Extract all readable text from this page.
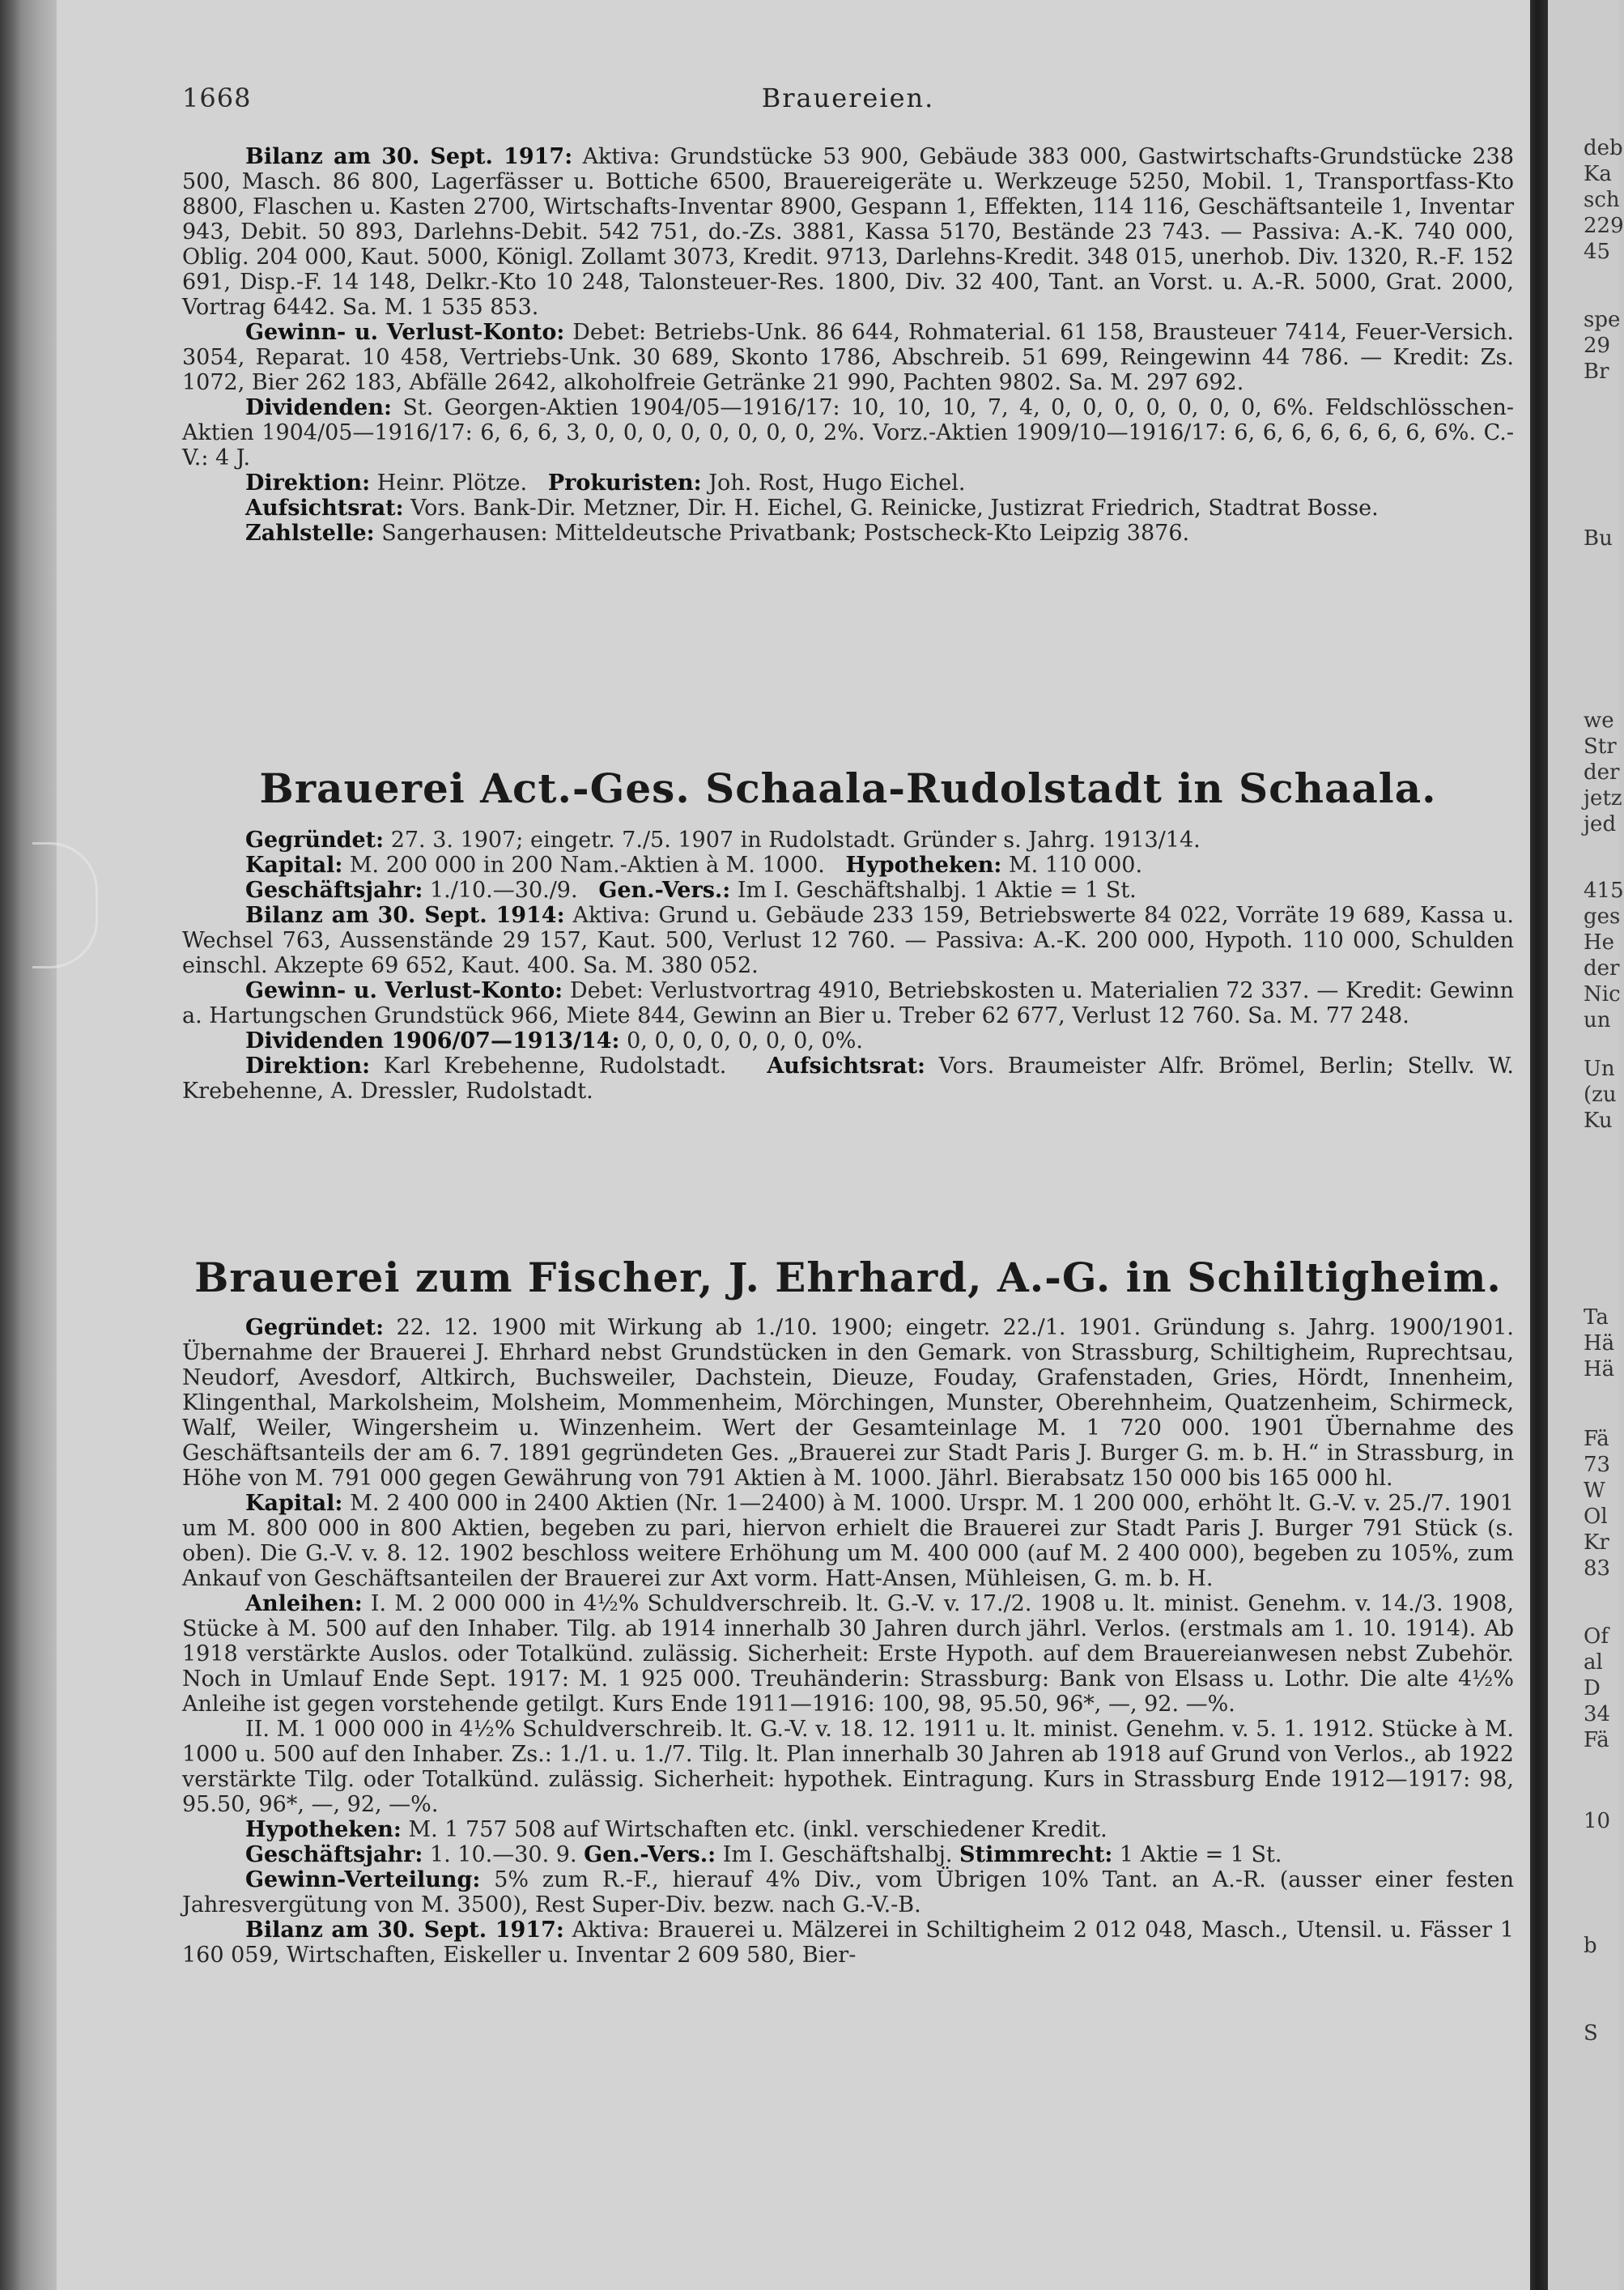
deb
Ka
sch
229
45
spe
29
Br
Bu
we
Str
der
jetz
jed
415
ges
He
der
Nic
un
Un
(zu
Ku
Ta
Hä
Hä
Fä
73
W
Ol
Kr
83
Of
al
D
34
Fä
10
b
S
1668	Brauereien.

Bilanz am 30. Sept. 1917: Aktiva: Grundstücke 53 900, Gebäude 383 000, Gastwirtschafts-Grundstücke 238 500, Masch. 86 800, Lagerfässer u. Bottiche 6500, Brauereigeräte u. Werkzeuge 5250, Mobil. 1, Transportfass-Kto 8800, Flaschen u. Kasten 2700, Wirtschafts-Inventar 8900, Gespann 1, Effekten, 114 116, Geschäftsanteile 1, Inventar 943, Debit. 50 893, Darlehns-Debit. 542 751, do.-Zs. 3881, Kassa 5170, Bestände 23 743. — Passiva: A.-K. 740 000, Oblig. 204 000, Kaut. 5000, Königl. Zollamt 3073, Kredit. 9713, Darlehns-Kredit. 348 015, unerhob. Div. 1320, R.-F. 152 691, Disp.-F. 14 148, Delkr.-Kto 10 248, Talonsteuer-Res. 1800, Div. 32 400, Tant. an Vorst. u. A.-R. 5000, Grat. 2000, Vortrag 6442. Sa. M. 1 535 853.

Gewinn- u. Verlust-Konto: Debet: Betriebs-Unk. 86 644, Rohmaterial. 61 158, Brausteuer 7414, Feuer-Versich. 3054, Reparat. 10 458, Vertriebs-Unk. 30 689, Skonto 1786, Abschreib. 51 699, Reingewinn 44 786. — Kredit: Zs. 1072, Bier 262 183, Abfälle 2642, alkoholfreie Getränke 21 990, Pachten 9802. Sa. M. 297 692.

Dividenden: St. Georgen-Aktien 1904/05—1916/17: 10, 10, 10, 7, 4, 0, 0, 0, 0, 0, 0, 0, 6%. Feldschlösschen-Aktien 1904/05—1916/17: 6, 6, 6, 3, 0, 0, 0, 0, 0, 0, 0, 0, 2%. Vorz.-Aktien 1909/10—1916/17: 6, 6, 6, 6, 6, 6, 6, 6%. C.-V.: 4 J.

Direktion: Heinr. Plötze. Prokuristen: Joh. Rost, Hugo Eichel.

Aufsichtsrat: Vors. Bank-Dir. Metzner, Dir. H. Eichel, G. Reinicke, Justizrat Friedrich, Stadtrat Bosse.

Zahlstelle: Sangerhausen: Mitteldeutsche Privatbank; Postscheck-Kto Leipzig 3876.

Brauerei Act.-Ges. Schaala-Rudolstadt in Schaala.

Gegründet: 27. 3. 1907; eingetr. 7./5. 1907 in Rudolstadt. Gründer s. Jahrg. 1913/14.

Kapital: M. 200 000 in 200 Nam.-Aktien à M. 1000. Hypotheken: M. 110 000.

Geschäftsjahr: 1./10.—30./9. Gen.-Vers.: Im I. Geschäftshalbj. 1 Aktie = 1 St.

Bilanz am 30. Sept. 1914: Aktiva: Grund u. Gebäude 233 159, Betriebswerte 84 022, Vorräte 19 689, Kassa u. Wechsel 763, Aussenstände 29 157, Kaut. 500, Verlust 12 760. — Passiva: A.-K. 200 000, Hypoth. 110 000, Schulden einschl. Akzepte 69 652, Kaut. 400. Sa. M. 380 052.

Gewinn- u. Verlust-Konto: Debet: Verlustvortrag 4910, Betriebskosten u. Materialien 72 337. — Kredit: Gewinn a. Hartungschen Grundstück 966, Miete 844, Gewinn an Bier u. Treber 62 677, Verlust 12 760. Sa. M. 77 248.

Dividenden 1906/07—1913/14: 0, 0, 0, 0, 0, 0, 0, 0%.

Direktion: Karl Krebehenne, Rudolstadt. Aufsichtsrat: Vors. Braumeister Alfr. Brömel, Berlin; Stellv. W. Krebehenne, A. Dressler, Rudolstadt.

Brauerei zum Fischer, J. Ehrhard, A.-G. in Schiltigheim.

Gegründet: 22. 12. 1900 mit Wirkung ab 1./10. 1900; eingetr. 22./1. 1901. Gründung s. Jahrg. 1900/1901. Übernahme der Brauerei J. Ehrhard nebst Grundstücken in den Gemark. von Strassburg, Schiltigheim, Ruprechtsau, Neudorf, Avesdorf, Altkirch, Buchsweiler, Dachstein, Dieuze, Fouday, Grafenstaden, Gries, Hördt, Innenheim, Klingenthal, Markolsheim, Molsheim, Mommenheim, Mörchingen, Munster, Oberehnheim, Quatzenheim, Schirmeck, Walf, Weiler, Wingersheim u. Winzenheim. Wert der Gesamteinlage M. 1 720 000. 1901 Übernahme des Geschäftsanteils der am 6. 7. 1891 gegründeten Ges. „Brauerei zur Stadt Paris J. Burger G. m. b. H.“ in Strassburg, in Höhe von M. 791 000 gegen Gewährung von 791 Aktien à M. 1000. Jährl. Bierabsatz 150 000 bis 165 000 hl.

Kapital: M. 2 400 000 in 2400 Aktien (Nr. 1—2400) à M. 1000. Urspr. M. 1 200 000, erhöht lt. G.-V. v. 25./7. 1901 um M. 800 000 in 800 Aktien, begeben zu pari, hiervon erhielt die Brauerei zur Stadt Paris J. Burger 791 Stück (s. oben). Die G.-V. v. 8. 12. 1902 beschloss weitere Erhöhung um M. 400 000 (auf M. 2 400 000), begeben zu 105%, zum Ankauf von Geschäftsanteilen der Brauerei zur Axt vorm. Hatt-Ansen, Mühleisen, G. m. b. H.

Anleihen: I. M. 2 000 000 in 4½% Schuldverschreib. lt. G.-V. v. 17./2. 1908 u. lt. minist. Genehm. v. 14./3. 1908, Stücke à M. 500 auf den Inhaber. Tilg. ab 1914 innerhalb 30 Jahren durch jährl. Verlos. (erstmals am 1. 10. 1914). Ab 1918 verstärkte Auslos. oder Totalkünd. zulässig. Sicherheit: Erste Hypoth. auf dem Brauereianwesen nebst Zubehör. Noch in Umlauf Ende Sept. 1917: M. 1 925 000. Treuhänderin: Strassburg: Bank von Elsass u. Lothr. Die alte 4½% Anleihe ist gegen vorstehende getilgt. Kurs Ende 1911—1916: 100, 98, 95.50, 96*, —, 92. —%.

II. M. 1 000 000 in 4½% Schuldverschreib. lt. G.-V. v. 18. 12. 1911 u. lt. minist. Genehm. v. 5. 1. 1912. Stücke à M. 1000 u. 500 auf den Inhaber. Zs.: 1./1. u. 1./7. Tilg. lt. Plan innerhalb 30 Jahren ab 1918 auf Grund von Verlos., ab 1922 verstärkte Tilg. oder Totalkünd. zulässig. Sicherheit: hypothek. Eintragung. Kurs in Strassburg Ende 1912—1917: 98, 95.50, 96*, —, 92, —%.

Hypotheken: M. 1 757 508 auf Wirtschaften etc. (inkl. verschiedener Kredit.

Geschäftsjahr: 1. 10.—30. 9. Gen.-Vers.: Im I. Geschäftshalbj. Stimmrecht: 1 Aktie = 1 St.

Gewinn-Verteilung: 5% zum R.-F., hierauf 4% Div., vom Übrigen 10% Tant. an A.-R. (ausser einer festen Jahresvergütung von M. 3500), Rest Super-Div. bezw. nach G.-V.-B.

Bilanz am 30. Sept. 1917: Aktiva: Brauerei u. Mälzerei in Schiltigheim 2 012 048, Masch., Utensil. u. Fässer 1 160 059, Wirtschaften, Eiskeller u. Inventar 2 609 580, Bier-
